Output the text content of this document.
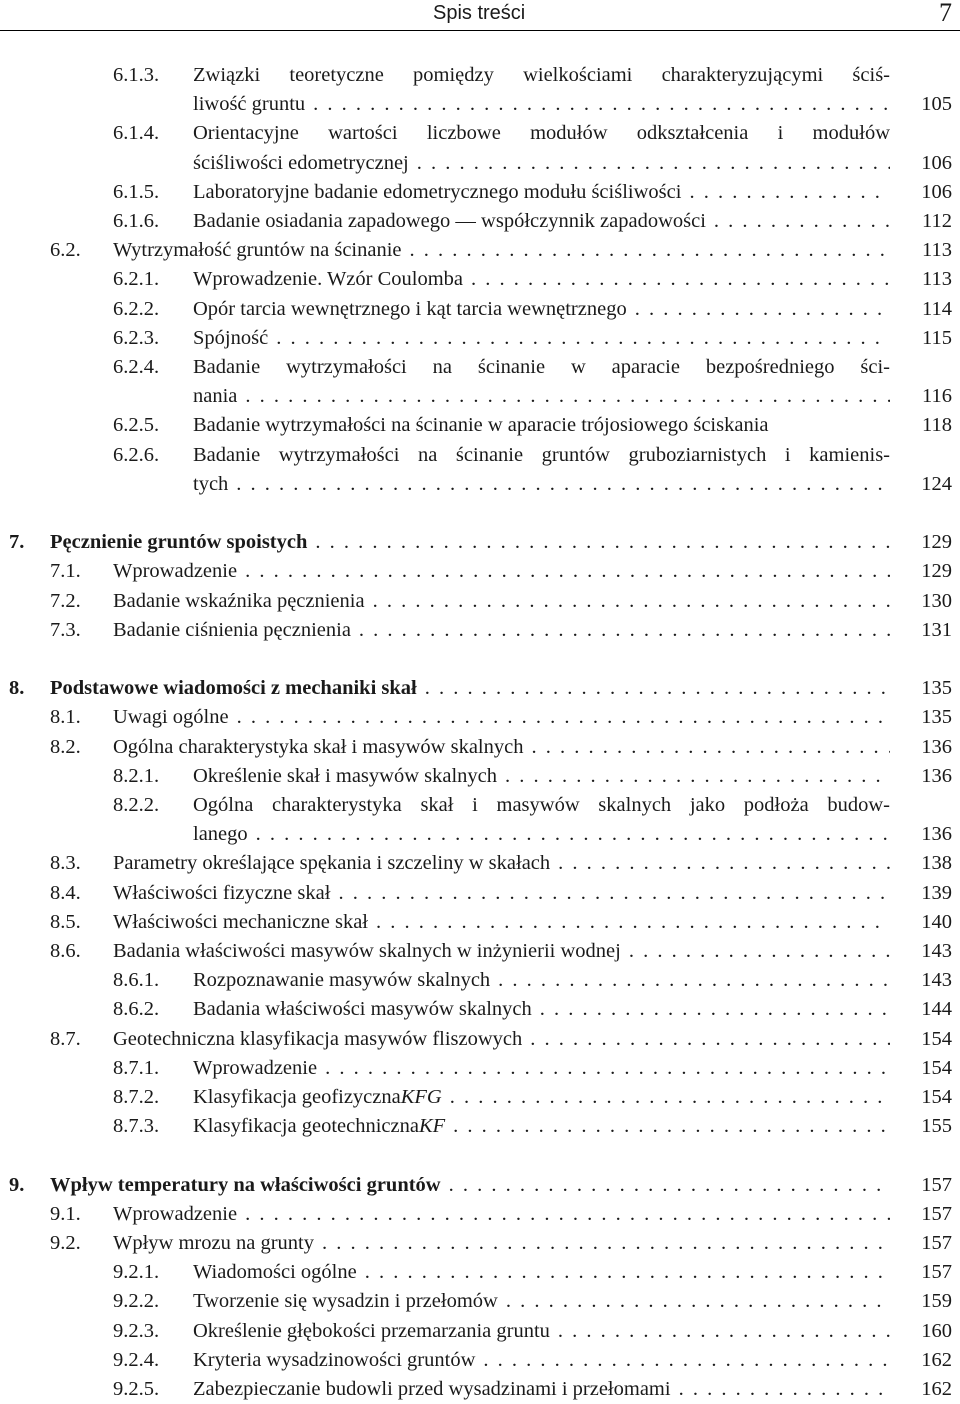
Spis treści	7
6.1.3. Związki teoretyczne pomiędzy wielkościami charakteryzującymi ściś-
liwość gruntu . . .	105
6.1.4. Orientacyjne wartości liczbowe modułów odkształcenia i modułów
ściśliwości edometrycznej . . .	106
6.1.5. Laboratoryjne badanie edometrycznego modułu ściśliwości . . .	106
6.1.6. Badanie osiadania zapadowego — współczynnik zapadowości . . .	112
6.2. Wytrzymałość gruntów na ścinanie . . .	113
6.2.1. Wprowadzenie. Wzór Coulomba . . .	113
6.2.2. Opór tarcia wewnętrznego i kąt tarcia wewnętrznego . . .	114
6.2.3. Spójność . . .	115
6.2.4. Badanie wytrzymałości na ścinanie w aparacie bezpośredniego ści-
nania . . .	116
6.2.5. Badanie wytrzymałości na ścinanie w aparacie trójosiowego ściskania	118
6.2.6. Badanie wytrzymałości na ścinanie gruntów gruboziarnistych i kamienis-
tych . . .	124
7. Pęcznienie gruntów spoistych . . .	129
7.1. Wprowadzenie . . .	129
7.2. Badanie wskaźnika pęcznienia . . .	130
7.3. Badanie ciśnienia pęcznienia . . .	131
8. Podstawowe wiadomości z mechaniki skał . . .	135
8.1. Uwagi ogólne . . .	135
8.2. Ogólna charakterystyka skał i masywów skalnych . . .	136
8.2.1. Określenie skał i masywów skalnych . . .	136
8.2.2. Ogólna charakterystyka skał i masywów skalnych jako podłoża budow-
lanego . . .	136
8.3. Parametry określające spękania i szczeliny w skałach . . .	138
8.4. Właściwości fizyczne skał . . .	139
8.5. Właściwości mechaniczne skał . . .	140
8.6. Badania właściwości masywów skalnych w inżynierii wodnej . . .	143
8.6.1. Rozpoznawanie masywów skalnych . . .	143
8.6.2. Badania właściwości masywów skalnych . . .	144
8.7. Geotechniczna klasyfikacja masywów fliszowych . . .	154
8.7.1. Wprowadzenie . . .	154
8.7.2. Klasyfikacja geofizyczna KFG . . .	154
8.7.3. Klasyfikacja geotechniczna KF . . .	155
9. Wpływ temperatury na właściwości gruntów . . .	157
9.1. Wprowadzenie . . .	157
9.2. Wpływ mrozu na grunty . . .	157
9.2.1. Wiadomości ogólne . . .	157
9.2.2. Tworzenie się wysadzin i przełomów . . .	159
9.2.3. Określenie głębokości przemarzania gruntu . . .	160
9.2.4. Kryteria wysadzinowości gruntów . . .	162
9.2.5. Zabezpieczanie budowli przed wysadzinami i przełomami . . .	162
